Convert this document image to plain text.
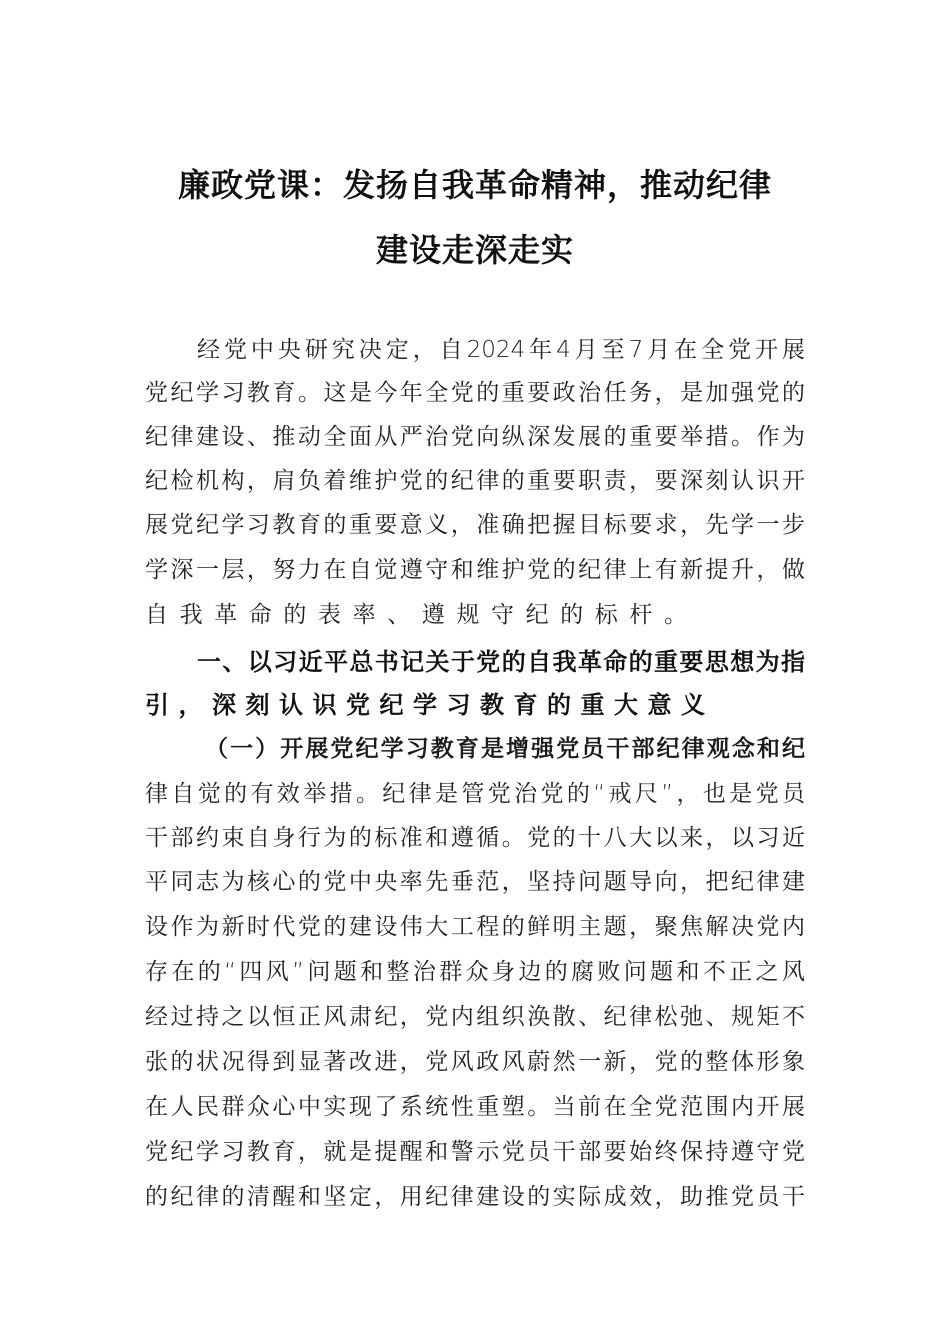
廉政党课：发扬自我革命精神，推动纪律
建设走深走实
经党中央研究决定，自2024年4月至7月在全党开展
党纪学习教育。这是今年全党的重要政治任务，是加强党的
纪律建设、推动全面从严治党向纵深发展的重要举措。作为
纪检机构，肩负着维护党的纪律的重要职责，要深刻认识开
展党纪学习教育的重要意义，准确把握目标要求，先学一步
学深一层，努力在自觉遵守和维护党的纪律上有新提升，做
自我革命的表率、遵规守纪的标杆。
一、以习近平总书记关于党的自我革命的重要思想为指
引，深刻认识党纪学习教育的重大意义
（一）开展党纪学习教育是增强党员干部纪律观念和纪
律自觉的有效举措。纪律是管党治党的“戒尺”，也是党员
干部约束自身行为的标准和遵循。党的十八大以来，以习近
平同志为核心的党中央率先垂范，坚持问题导向，把纪律建
设作为新时代党的建设伟大工程的鲜明主题，聚焦解决党内
存在的“四风”问题和整治群众身边的腐败问题和不正之风
经过持之以恒正风肃纪，党内组织涣散、纪律松弛、规矩不
张的状况得到显著改进，党风政风蔚然一新，党的整体形象
在人民群众心中实现了系统性重塑。当前在全党范围内开展
党纪学习教育，就是提醒和警示党员干部要始终保持遵守党
的纪律的清醒和坚定，用纪律建设的实际成效，助推党员干
